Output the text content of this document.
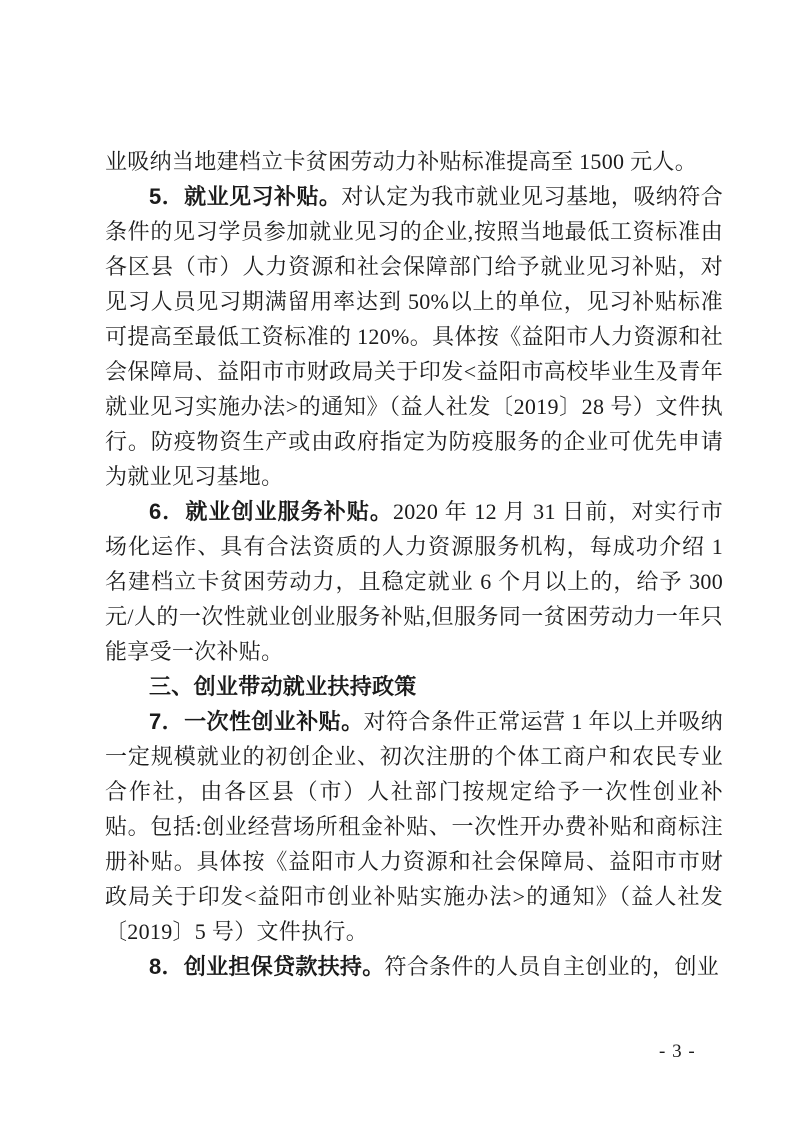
业吸纳当地建档立卡贫困劳动力补贴标准提高至 1500 元人。

5．就业见习补贴。对认定为我市就业见习基地，吸纳符合条件的见习学员参加就业见习的企业,按照当地最低工资标准由各区县（市）人力资源和社会保障部门给予就业见习补贴，对见习人员见习期满留用率达到 50%以上的单位，见习补贴标准可提高至最低工资标准的 120%。具体按《益阳市人力资源和社会保障局、益阳市市财政局关于印发<益阳市高校毕业生及青年就业见习实施办法>的通知》（益人社发〔2019〕28 号）文件执行。防疫物资生产或由政府指定为防疫服务的企业可优先申请为就业见习基地。

6．就业创业服务补贴。2020 年 12 月 31 日前，对实行市场化运作、具有合法资质的人力资源服务机构，每成功介绍 1 名建档立卡贫困劳动力，且稳定就业 6 个月以上的，给予 300 元/人的一次性就业创业服务补贴,但服务同一贫困劳动力一年只能享受一次补贴。

三、创业带动就业扶持政策

7．一次性创业补贴。对符合条件正常运营 1 年以上并吸纳一定规模就业的初创企业、初次注册的个体工商户和农民专业合作社，由各区县（市）人社部门按规定给予一次性创业补贴。包括:创业经营场所租金补贴、一次性开办费补贴和商标注册补贴。具体按《益阳市人力资源和社会保障局、益阳市市财政局关于印发<益阳市创业补贴实施办法>的通知》（益人社发〔2019〕5 号）文件执行。

8．创业担保贷款扶持。符合条件的人员自主创业的，创业

- 3 -
